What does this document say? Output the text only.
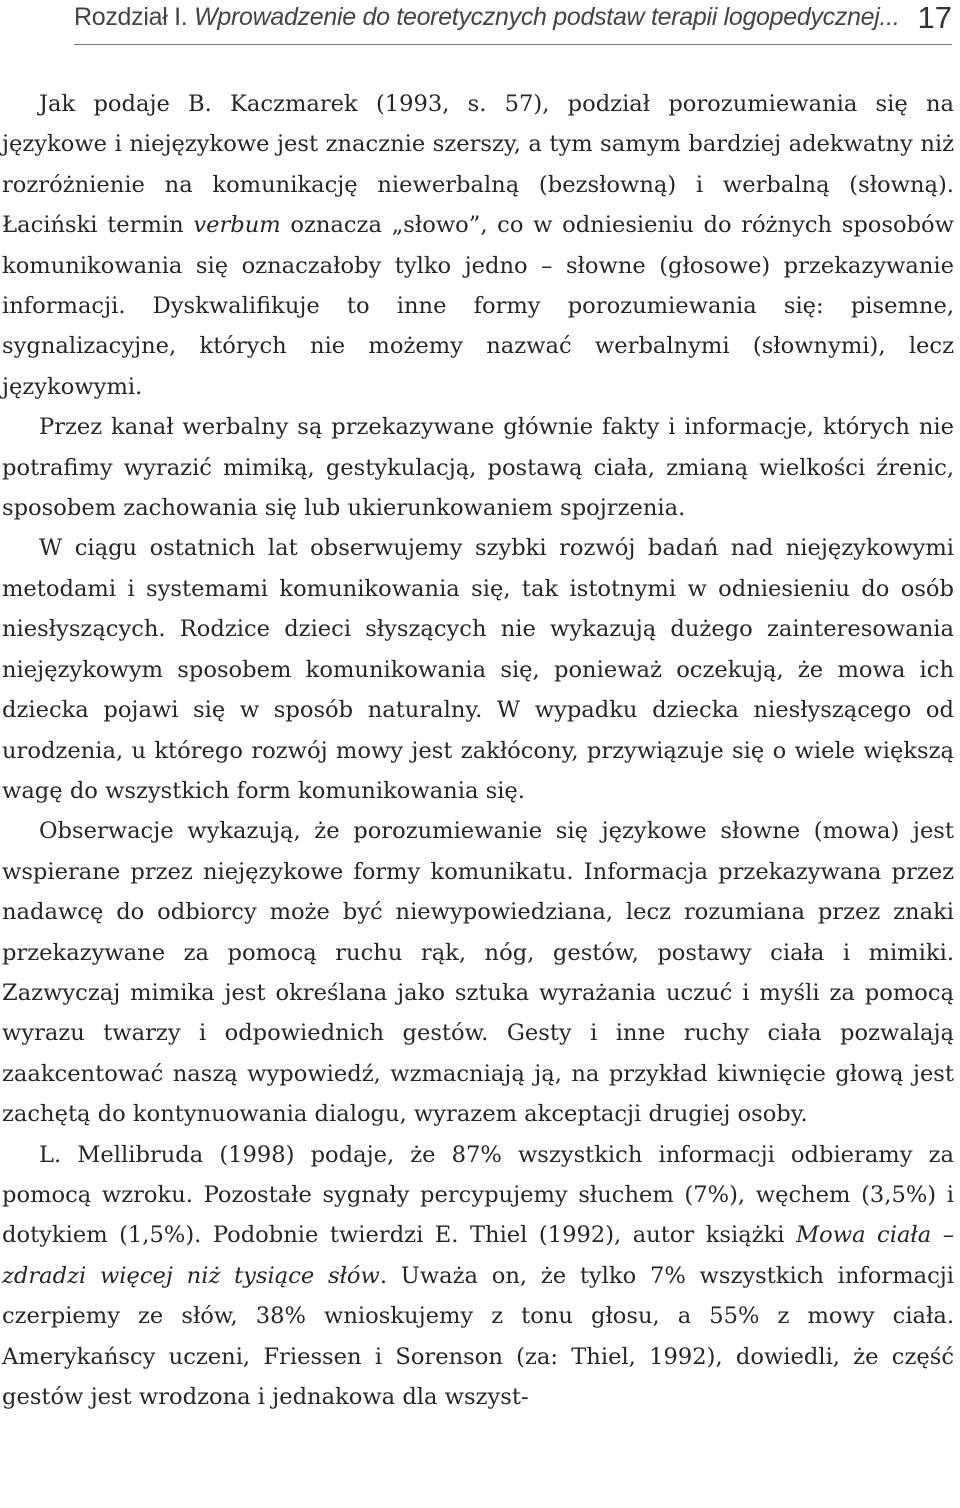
Rozdział I. Wprowadzenie do teoretycznych podstaw terapii logopedycznej... 17

Jak podaje B. Kaczmarek (1993, s. 57), podział porozumiewania się na językowe i niejęzykowe jest znacznie szerszy, a tym samym bardziej adekwatny niż rozróżnienie na komunikację niewerbalną (bezsłowną) i werbalną (słowną). Łaciński termin verbum oznacza „słowo”, co w odniesieniu do różnych sposobów komunikowania się oznaczałoby tylko jedno – słowne (głosowe) przekazywanie informacji. Dyskwalifikuje to inne formy porozumiewania się: pisemne, sygnalizacyjne, których nie możemy nazwać werbalnymi (słownymi), lecz językowymi.

Przez kanał werbalny są przekazywane głównie fakty i informacje, których nie potrafimy wyrazić mimiką, gestykulacją, postawą ciała, zmianą wielkości źrenic, sposobem zachowania się lub ukierunkowaniem spojrzenia.

W ciągu ostatnich lat obserwujemy szybki rozwój badań nad niejęzykowymi metodami i systemami komunikowania się, tak istotnymi w odniesieniu do osób niesłyszących. Rodzice dzieci słyszących nie wykazują dużego zainteresowania niejęzykowym sposobem komunikowania się, ponieważ oczekują, że mowa ich dziecka pojawi się w sposób naturalny. W wypadku dziecka niesłyszącego od urodzenia, u którego rozwój mowy jest zakłócony, przywiązuje się o wiele większą wagę do wszystkich form komunikowania się.

Obserwacje wykazują, że porozumiewanie się językowe słowne (mowa) jest wspierane przez niejęzykowe formy komunikatu. Informacja przekazywana przez nadawcę do odbiorcy może być niewypowiedziana, lecz rozumiana przez znaki przekazywane za pomocą ruchu rąk, nóg, gestów, postawy ciała i mimiki. Zazwyczaj mimika jest określana jako sztuka wyrażania uczuć i myśli za pomocą wyrazu twarzy i odpowiednich gestów. Gesty i inne ruchy ciała pozwalają zaakcentować naszą wypowiedź, wzmacniają ją, na przykład kiwnięcie głową jest zachętą do kontynuowania dialogu, wyrazem akceptacji drugiej osoby.

L. Mellibruda (1998) podaje, że 87% wszystkich informacji odbieramy za pomocą wzroku. Pozostałe sygnały percypujemy słuchem (7%), węchem (3,5%) i dotykiem (1,5%). Podobnie twierdzi E. Thiel (1992), autor książki Mowa ciała – zdradzi więcej niż tysiące słów. Uważa on, że tylko 7% wszystkich informacji czerpiemy ze słów, 38% wnioskujemy z tonu głosu, a 55% z mowy ciała. Amerykańscy uczeni, Friessen i Sorenson (za: Thiel, 1992), dowiedli, że część gestów jest wrodzona i jednakowa dla wszyst-
